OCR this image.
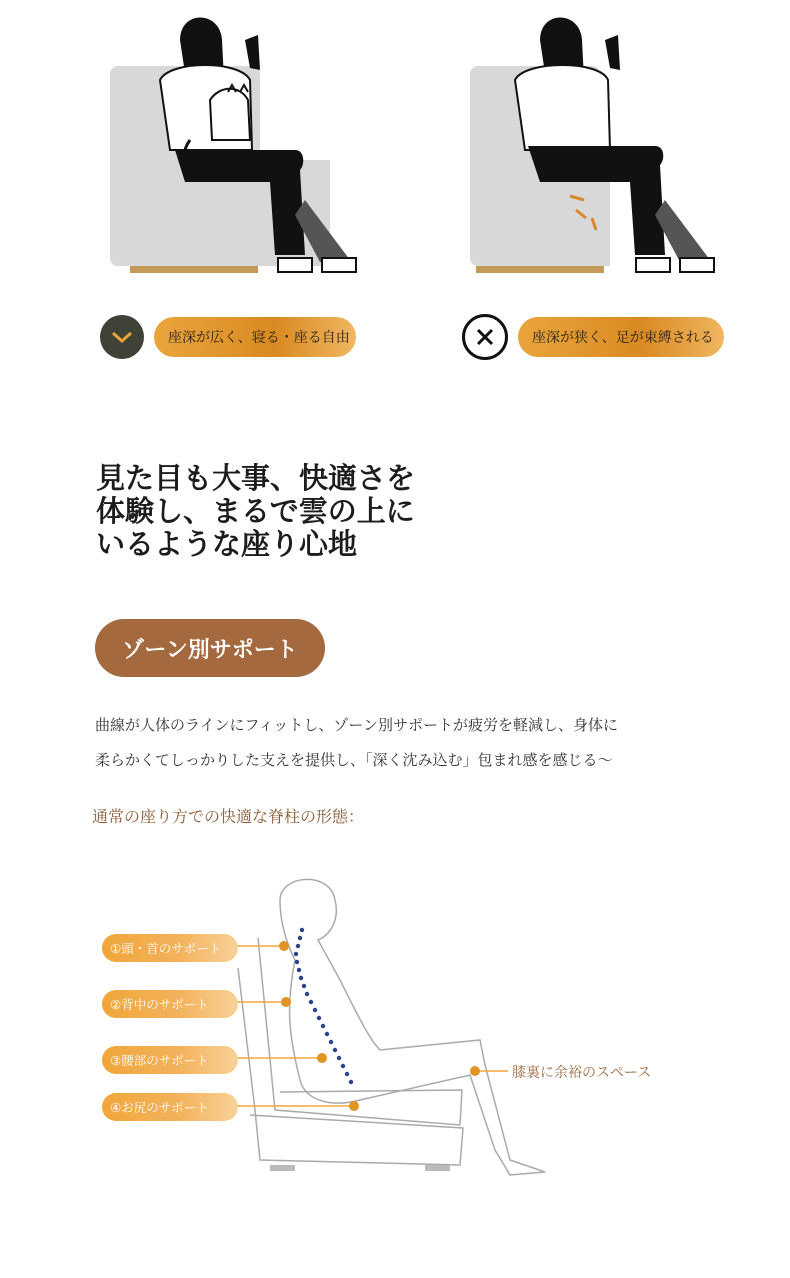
座深が広く、寝る・座る自由	座深が狭く、足が束縛される
見た目も大事、快適さを
体験し、まるで雲の上に
いるような座り心地
ゾーン別サポート
曲線が人体のラインにフィットし、ゾーン別サポートが疲労を軽減し、身体に
柔らかくてしっかりした支えを提供し、「深く沈み込む」包まれ感を感じる〜
通常の座り方での快適な脊柱の形態：
①頭・首のサポート
②背中のサポート
③腰部のサポート
④お尻のサポート
膝裏に余裕のスペース
